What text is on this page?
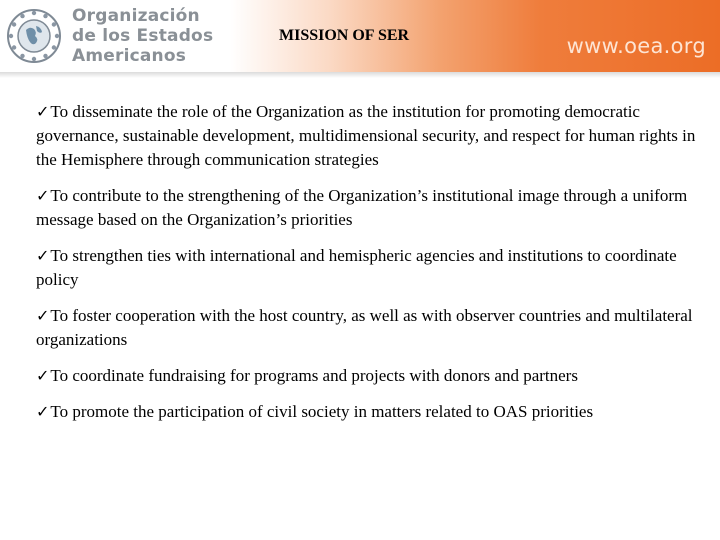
Organización
de los Estados
Americanos
MISSION OF SER	www.oea.org
✓To disseminate the role of the Organization as the institution for promoting democratic governance, sustainable development, multidimensional security, and respect for human rights in the Hemisphere through communication strategies
✓To contribute to the strengthening of the Organization’s institutional image through a uniform message based on the Organization’s priorities
✓To strengthen ties with international and hemispheric agencies and institutions to coordinate policy
✓To foster cooperation with the host country, as well as with observer countries and multilateral organizations
✓To coordinate fundraising for programs and projects with donors and partners
✓To promote the participation of civil society in matters related to OAS priorities
